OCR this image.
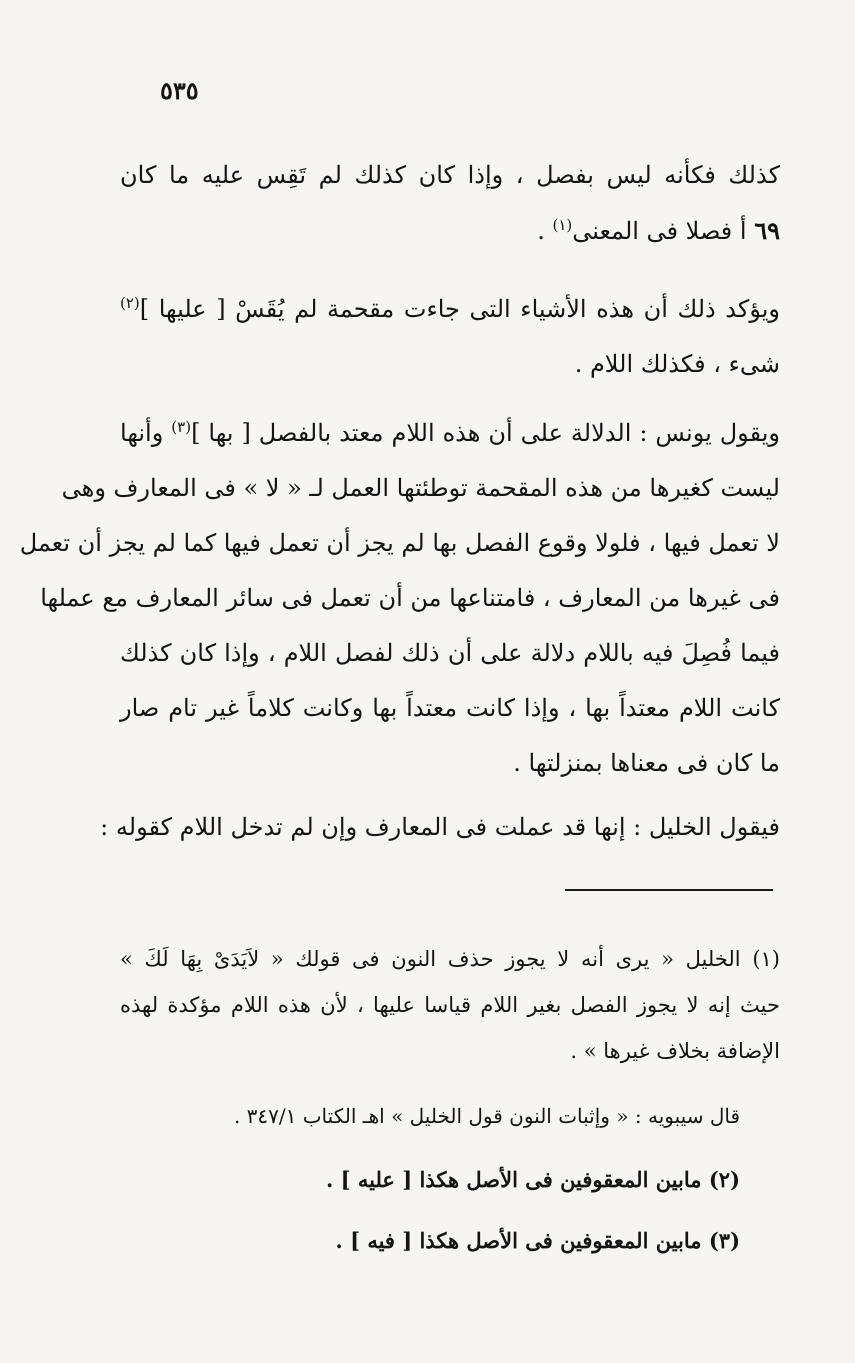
٥٣٥
كذلك فكأنه ليس بفصل ، وإذا كان كذلك لم تَقِس عليه ما كان
٦٩ أ فصلا فى المعنى$^{(١)}$ .
ويؤكد ذلك أن هذه الأشياء التى جاءت مقحمة لم يُقَسْ [ عليها ]$^{(٢)}$
شىء ، فكذلك اللام .
ويقول يونس : الدلالة على أن هذه اللام معتد بالفصل [ بها ]$^{(٣)}$ وأنها
ليست كغيرها من هذه المقحمة توطئتها العمل لـ « لا » فى المعارف وهى
لا تعمل فيها ، فلولا وقوع الفصل بها لم يجز أن تعمل فيها كما لم يجز أن تعمل
فى غيرها من المعارف ، فامتناعها من أن تعمل فى سائر المعارف مع عملها
فيما فُصِلَ فيه باللام دلالة على أن ذلك لفصل اللام ، وإذا كان كذلك
كانت اللام معتداً بها ، وإذا كانت معتداً بها وكانت كلاماً غير تام صار
ما كان فى معناها بمنزلتها .
فيقول الخليل : إنها قد عملت فى المعارف وإن لم تدخل اللام كقوله :
(١) الخليل « يرى أنه لا يجوز حذف النون فى قولك « لاَيَدَىْ بِهَا لَكَ »
حيث إنه لا يجوز الفصل بغير اللام قياسا عليها ، لأن هذه اللام مؤكدة لهذه
الإضافة بخلاف غيرها » .
قال سيبويه : « وإثبات النون قول الخليل » اهـ الكتاب ٣٤٧/١ .
(٢) مابين المعقوفين فى الأصل هكذا [ عليه ] .
(٣) مابين المعقوفين فى الأصل هكذا [ فيه ] .
